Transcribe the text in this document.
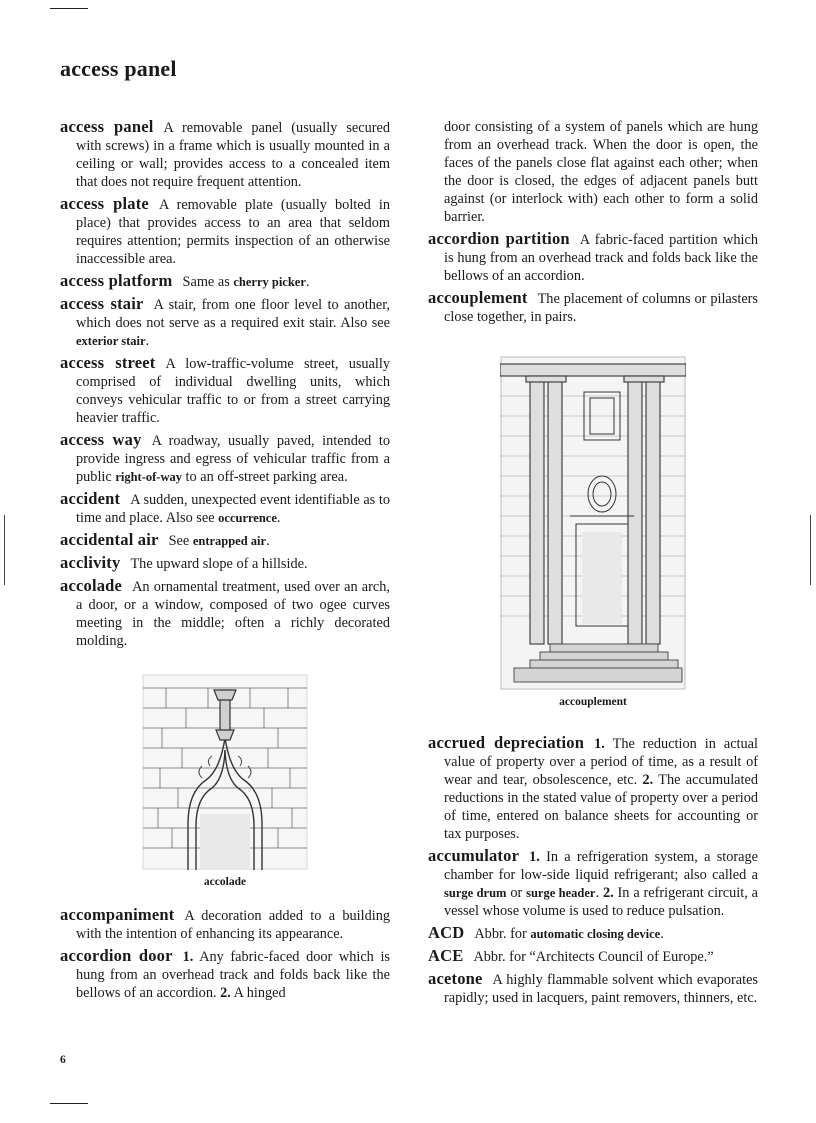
access panel

access panel A removable panel (usually secured with screws) in a frame which is usually mounted in a ceiling or wall; provides access to a concealed item that does not require frequent attention.

access plate A removable plate (usually bolted in place) that provides access to an area that seldom requires attention; permits inspection of an otherwise inaccessible area.

access platform Same as cherry picker.

access stair A stair, from one floor level to another, which does not serve as a required exit stair. Also see exterior stair.

access street A low-traffic-volume street, usually comprised of individual dwelling units, which conveys vehicular traffic to or from a street carrying heavier traffic.

access way A roadway, usually paved, intended to provide ingress and egress of vehicular traffic from a public right-of-way to an off-street parking area.

accident A sudden, unexpected event identifiable as to time and place. Also see occurrence.

accidental air See entrapped air.

acclivity The upward slope of a hillside.

accolade An ornamental treatment, used over an arch, a door, or a window, composed of two ogee curves meeting in the middle; often a richly decorated molding.

accolade

accompaniment A decoration added to a building with the intention of enhancing its appearance.

accordion door 1. Any fabric-faced door which is hung from an overhead track and folds back like the bellows of an accordion. 2. A hinged

door consisting of a system of panels which are hung from an overhead track. When the door is open, the faces of the panels close flat against each other; when the door is closed, the edges of adjacent panels butt against (or interlock with) each other to form a solid barrier.

accordion partition A fabric-faced partition which is hung from an overhead track and folds back like the bellows of an accordion.

accouplement The placement of columns or pilasters close together, in pairs.

accouplement

accrued depreciation 1. The reduction in actual value of property over a period of time, as a result of wear and tear, obsolescence, etc. 2. The accumulated reductions in the stated value of property over a period of time, entered on balance sheets for accounting or tax purposes.

accumulator 1. In a refrigeration system, a storage chamber for low-side liquid refrigerant; also called a surge drum or surge header. 2. In a refrigerant circuit, a vessel whose volume is used to reduce pulsation.

ACD Abbr. for automatic closing device.

ACE Abbr. for “Architects Council of Europe.”

acetone A highly flammable solvent which evaporates rapidly; used in lacquers, paint removers, thinners, etc.

6
